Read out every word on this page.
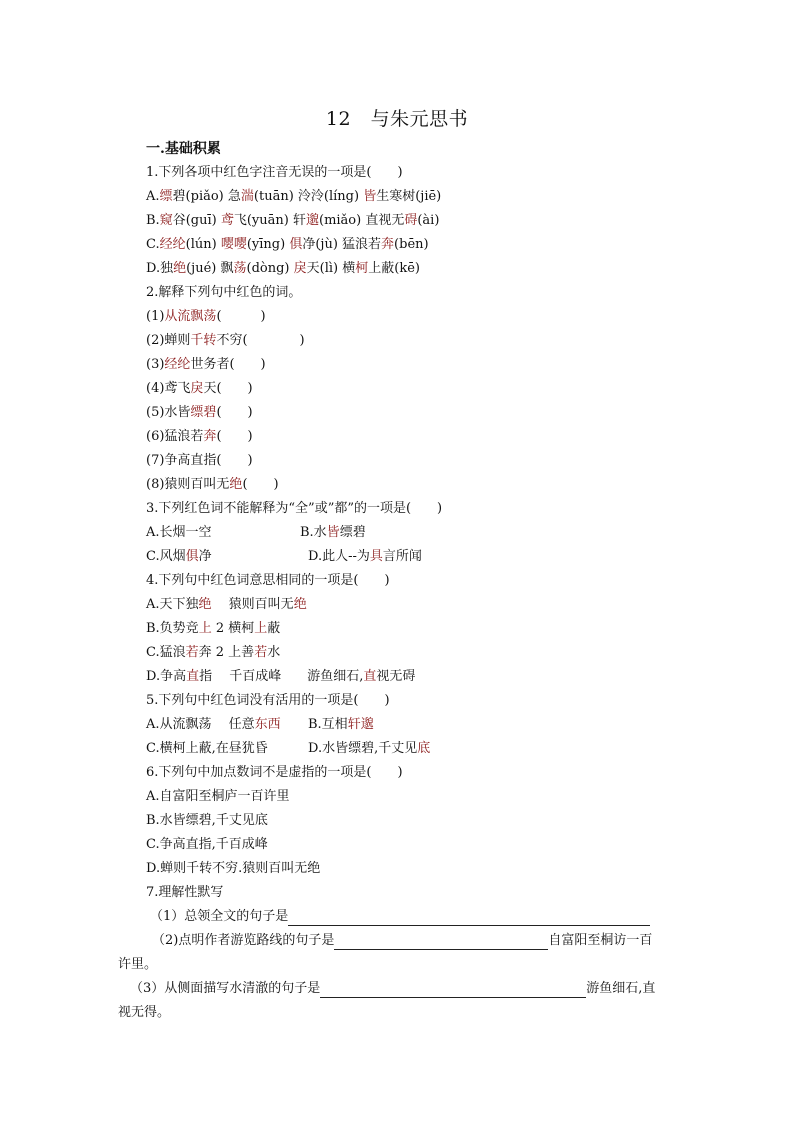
12　与朱元思书
一.基础积累
1.下列各项中红色字注音无误的一项是(　　)
A.缥碧(piǎo) 急湍(tuān) 泠泠(líng) 皆生寒树(jiē)
B.窥谷(guī) 鸢飞(yuān) 轩邈(miǎo) 直视无碍(ài)
C.经纶(lún) 嘤嘤(yīng) 俱净(jù) 猛浪若奔(bēn)
D.独绝(jué) 飘荡(dòng) 戾天(lì) 横柯上蔽(kē)
2.解释下列句中红色的词。
(1)从流飘荡(　　　)
(2)蝉则千转不穷(　　　　)
(3)经纶世务者(　　)
(4)鸢飞戾天(　　)
(5)水皆缥碧(　　)
(6)猛浪若奔(　　)
(7)争高直指(　　)
(8)猿则百叫无绝(　　)
3.下列红色词不能解释为“全”或”都”的一项是(　　)
A.长烟一空	B.水皆缥碧
C.风烟俱净	D.此人--为具言所闻
4.下列句中红色词意思相同的一项是(　　)
A.天下独绝　 猿则百叫无绝
B.负势竞上 2 横柯上蔽
C.猛浪若奔 2 上善若水
D.争高直指　 千百成峰　　游鱼细石,直视无碍
5.下列句中红色词没有活用的一项是(　　)
A.从流飘荡　 任意东西 B.互相轩邈
C.横柯上蔽,在昼犹昏	D.水皆缥碧,千丈见底
6.下列句中加点数词不是虚指的一项是(　　)
A.自富阳至桐庐一百许里
B.水皆缥碧,千丈见底
C.争高直指,千百成峰
D.蝉则千转不穷.猿则百叫无绝
7.理解性默写
（1）总领全文的句子是
（2)点明作者游览路线的句子是	自富阳至桐访一百
许里。
（3）从侧面描写水清澈的句子是	游鱼细石,直
视无得。
